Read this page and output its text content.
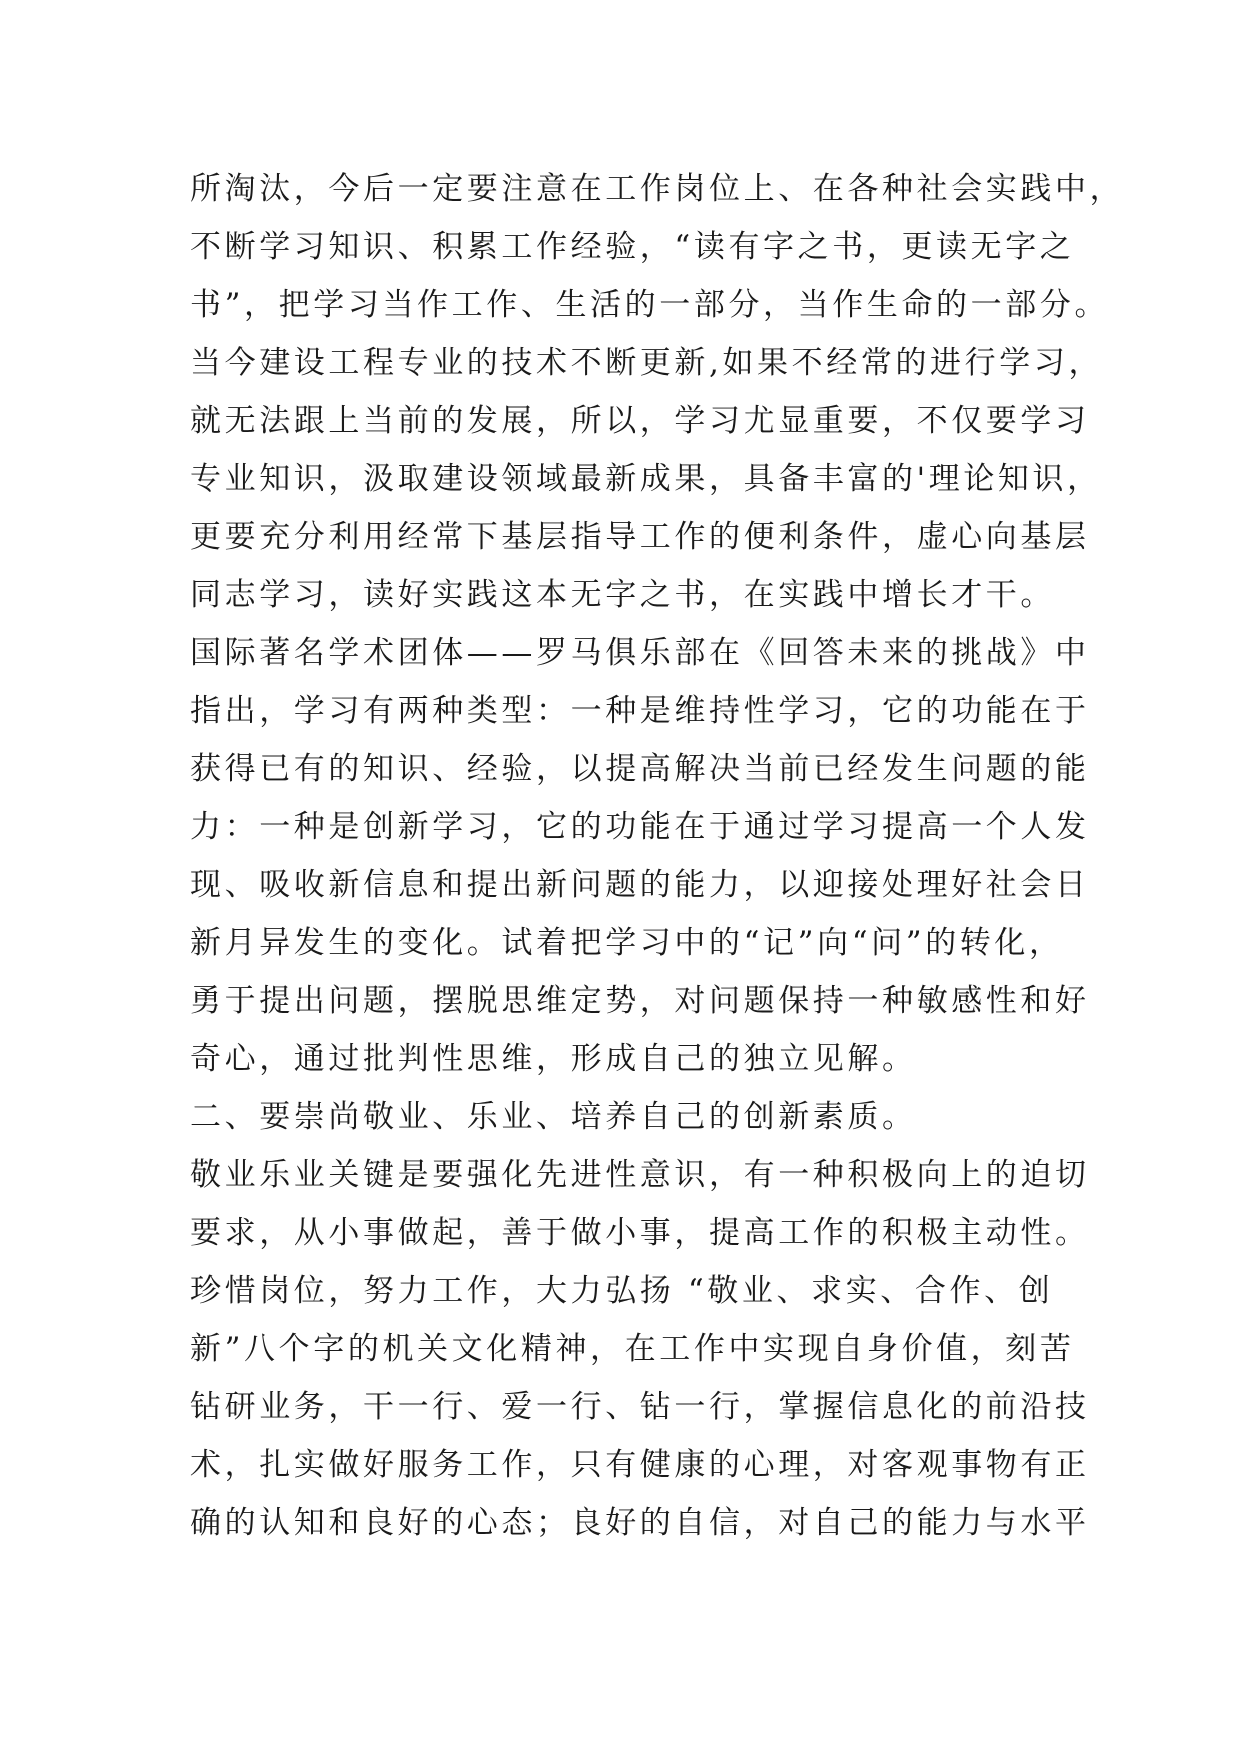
所淘汰，今后一定要注意在工作岗位上、在各种社会实践中，
不断学习知识、积累工作经验，“读有字之书，更读无字之
书”，把学习当作工作、生活的一部分，当作生命的一部分。
当今建设工程专业的技术不断更新,如果不经常的进行学习，
就无法跟上当前的发展，所以，学习尤显重要，不仅要学习
专业知识，汲取建设领域最新成果，具备丰富的'理论知识，
更要充分利用经常下基层指导工作的便利条件，虚心向基层
同志学习，读好实践这本无字之书，在实践中增长才干。
国际著名学术团体——罗马俱乐部在《回答未来的挑战》中
指出，学习有两种类型：一种是维持性学习，它的功能在于
获得已有的知识、经验，以提高解决当前已经发生问题的能
力：一种是创新学习，它的功能在于通过学习提高一个人发
现、吸收新信息和提出新问题的能力，以迎接处理好社会日
新月异发生的变化。试着把学习中的“记”向“问”的转化，
勇于提出问题，摆脱思维定势，对问题保持一种敏感性和好
奇心，通过批判性思维，形成自己的独立见解。
二、要崇尚敬业、乐业、培养自己的创新素质。
敬业乐业关键是要强化先进性意识，有一种积极向上的迫切
要求，从小事做起，善于做小事，提高工作的积极主动性。
珍惜岗位，努力工作，大力弘扬 “敬业、求实、合作、创
新”八个字的机关文化精神，在工作中实现自身价值，刻苦
钻研业务，干一行、爱一行、钻一行，掌握信息化的前沿技
术，扎实做好服务工作，只有健康的心理，对客观事物有正
确的认知和良好的心态；良好的自信，对自己的能力与水平
